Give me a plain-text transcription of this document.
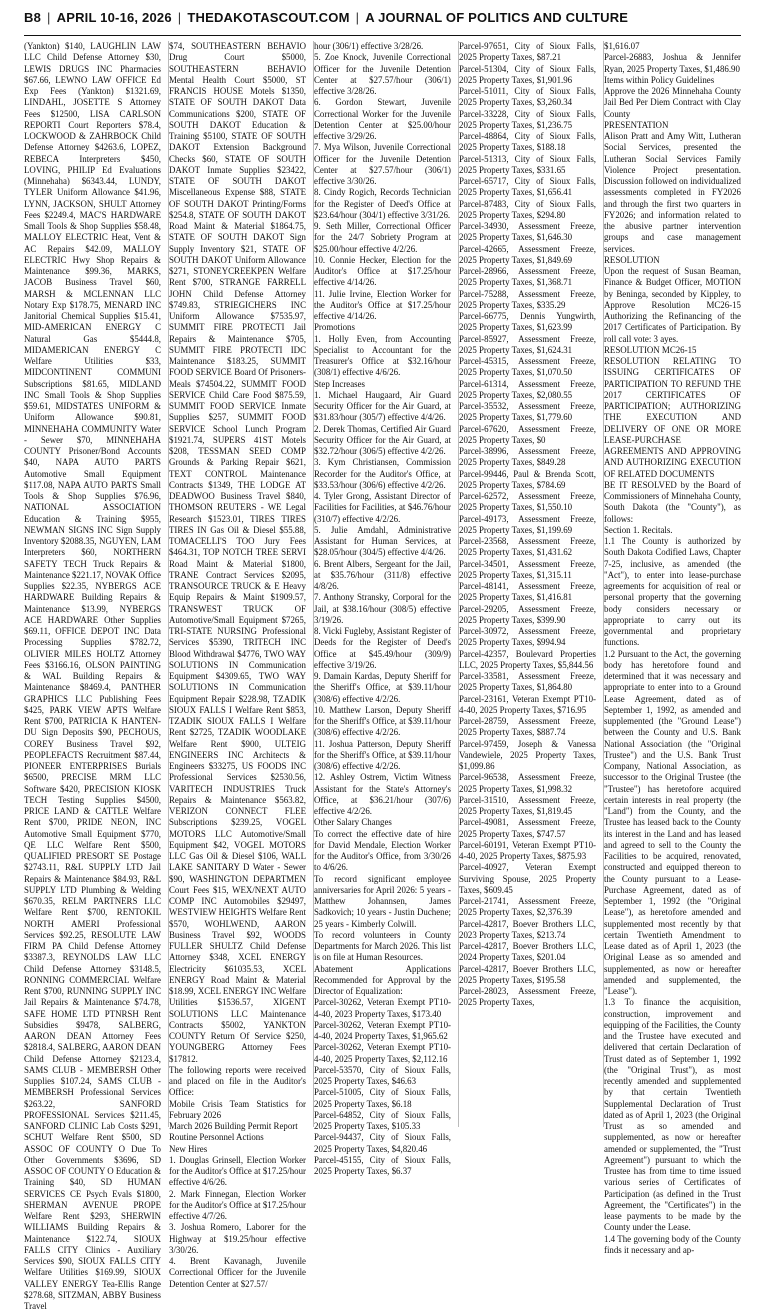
B8 | APRIL 10-16, 2026 | THEDAKOTASCOUT.COM | A JOURNAL OF POLITICS AND CULTURE

(Yankton) $140, LAUGHLIN LAW LLC Child Defense Attorney $30, LEWIS DRUGS INC Pharmacies $67.66, LEWNO LAW OFFICE Ed Exp Fees (Yankton) $1321.69, LINDAHL, JOSETTE S Attorney Fees $12500, LISA CARLSON REPORTI Court Reporters $78.4, LOCKWOOD & ZAHRBOCK Child Defense Attorney $4263.6, LOPEZ, REBECA Interpreters $450, LOVING, PHILIP Ed Evaluations (Minnehaha) $6343.44, LUNDY, TYLER Uniform Allowance $41.96, LYNN, JACKSON, SHULT Attorney Fees $2249.4, MAC'S HARDWARE Small Tools & Shop Supplies $58.48, MALLOY ELECTRIC Heat, Vent & AC Repairs $42.09, MALLOY ELECTRIC Hwy Shop Repairs & Maintenance $99.36, MARKS, JACOB Business Travel $60, MARSH & MCLENNAN LLC Notary Exp $178.75, MENARD INC Janitorial Chemical Supplies $15.41, MID-AMERICAN ENERGY C Natural Gas $5444.8, MIDAMERICAN ENERGY C Welfare Utilities $33, MIDCONTINENT COMMUNI Subscriptions $81.65, MIDLAND INC Small Tools & Shop Supplies $59.61, MIDSTATES UNIFORM & Uniform Allowance $90.81, MINNEHAHA COMMUNITY Water - Sewer $70, MINNEHAHA COUNTY Prisoner/Bond Accounts $40, NAPA AUTO PARTS Automotive Small Equipment $117.08, NAPA AUTO PARTS Small Tools & Shop Supplies $76.96, NATIONAL ASSOCIATION Education & Training $955, NEWMAN SIGNS INC Sign Supply Inventory $2088.35, NGUYEN, LAM Interpreters $60, NORTHERN SAFETY TECH Truck Repairs & Maintenance $221.17, NOVAK Office Supplies $22.35, NYBERGS ACE HARDWARE Building Repairs & Maintenance $13.99, NYBERGS ACE HARDWARE Other Supplies $69.11, OFFICE DEPOT INC Data Processing Supplies $782.72, OLIVIER MILES HOLTZ Attorney Fees $3166.16, OLSON PAINTING & WAL Building Repairs & Maintenance $8469.4, PANTHER GRAPHICS LLC Publishing Fees $425, PARK VIEW APTS Welfare Rent $700, PATRICIA K HANTEN-DU Sign Deposits $90, PECHOUS, COREY Business Travel $92, PEOPLEFACTS Recruitment $87.44, PIONEER ENTERPRISES Burials $6500, PRECISE MRM LLC Software $420, PRECISION KIOSK TECH Testing Supplies $4500, PRICE LAND & CATTLE Welfare Rent $700, PRIDE NEON, INC Automotive Small Equipment $770, QE LLC Welfare Rent $500, QUALIFIED PRESORT SE Postage $2743.11, R&L SUPPLY LTD Jail Repairs & Maintenance $84.93, R&L SUPPLY LTD Plumbing & Welding $670.35, RELM PARTNERS LLC Welfare Rent $700, RENTOKIL NORTH AMERI Professional Services $92.25, RESOLUTE LAW FIRM PA Child Defense Attorney $3387.3, REYNOLDS LAW LLC Child Defense Attorney $3148.5, RONNING COMMERCIAL Welfare Rent $700, RUNNING SUPPLY INC Jail Repairs & Maintenance $74.78, SAFE HOME LTD PTNRSH Rent Subsidies $9478, SALBERG, AARON DEAN Attorney Fees $2818.4, SALBERG, AARON DEAN Child Defense Attorney $2123.4, SAMS CLUB - MEMBERSH Other Supplies $107.24, SAMS CLUB - MEMBERSH Professional Services $263.22, SANFORD PROFESSIONAL Services $211.45, SANFORD CLINIC Lab Costs $291, SCHUT Welfare Rent $500, SD ASSOC OF COUNTY O Due To Other Governments $3696, SD ASSOC OF COUNTY O Education & Training $40, SD HUMAN SERVICES CE Psych Evals $1800, SHERMAN AVENUE PROPE Welfare Rent $293, SHERWIN WILLIAMS Building Repairs & Maintenance $122.74, SIOUX FALLS CITY Clinics - Auxiliary Services $90, SIOUX FALLS CITY Welfare Utilities $169.99, SIOUX VALLEY ENERGY Tea-Ellis Range $278.68, SITZMAN, ABBY Business Travel

$74, SOUTHEASTERN BEHAVIO Drug Court $5000, SOUTHEASTERN BEHAVIO Mental Health Court $5000, ST FRANCIS HOUSE Motels $1350, STATE OF SOUTH DAKOT Data Communications $200, STATE OF SOUTH DAKOT Education & Training $5100, STATE OF SOUTH DAKOT Extension Background Checks $60, STATE OF SOUTH DAKOT Inmate Supplies $23422, STATE OF SOUTH DAKOT Miscellaneous Expense $88, STATE OF SOUTH DAKOT Printing/Forms $254.8, STATE OF SOUTH DAKOT Road Maint & Material $1864.75, STATE OF SOUTH DAKOT Sign Supply Inventory $21, STATE OF SOUTH DAKOT Uniform Allowance $271, STONEYCREEKPEN Welfare Rent $700, STRANGE FARRELL JOHN Child Defense Attorney $749.83, STRIEGICHERS INC Uniform Allowance $7535.97, SUMMIT FIRE PROTECTI Jail Repairs & Maintenance $705, SUMMIT FIRE PROTECTI IDC Maintenance $183.25, SUMMIT FOOD SERVICE Board Of Prisoners-Meals $74504.22, SUMMIT FOOD SERVICE Child Care Food $875.59, SUMMIT FOOD SERVICE Inmate Supplies $257, SUMMIT FOOD SERVICE School Lunch Program $1921.74, SUPERS 41ST Motels $208, TESSMAN SEED COMP Grounds & Parking Repair $621, TEXT CONTROL Maintenance Contracts $1349, THE LODGE AT DEADWOO Business Travel $840, THOMSON REUTERS - WE Legal Research $1523.01, TIRES TIRES TIRES IN Gas Oil & Diesel $55.88, TOMACELLI'S TOO Jury Fees $464.31, TOP NOTCH TREE SERVI Road Maint & Material $1800, TRANE Contract Services $2095, TRANSOURCE TRUCK & E Heavy Equip Repairs & Maint $1909.57, TRANSWEST TRUCK OF Automotive/Small Equipment $7265, TRI-STATE NURSING Professional Services $5390, TRITECH INC Blood Withdrawal $4776, TWO WAY SOLUTIONS IN Communication Equipment $4309.65, TWO WAY SOLUTIONS IN Communication Equipment Repair $228.98, TZADIK SIOUX FALLS I Welfare Rent $853, TZADIK SIOUX FALLS I Welfare Rent $2725, TZADIK WOODLAKE Welfare Rent $900, ULTEIG ENGINEERS INC Architects & Engineers $33275, US FOODS INC Professional Services $2530.56, VARITECH INDUSTRIES Truck Repairs & Maintenance $563.82, VERIZON CONNECT FLEE Subscriptions $239.25, VOGEL MOTORS LLC Automotive/Small Equipment $42, VOGEL MOTORS LLC Gas Oil & Diesel $106, WALL LAKE SANITARY D Water - Sewer $90, WASHINGTON DEPARTMEN Court Fees $15, WEX/NEXT AUTO COMP INC Automobiles $29497, WESTVIEW HEIGHTS Welfare Rent $570, WOHLWEND, AARON Business Travel $92, WOODS FULLER SHULTZ Child Defense Attorney $348, XCEL ENERGY Electricity $61035.53, XCEL ENERGY Road Maint & Material $18.99, XCEL ENERGY INC Welfare Utilities $1536.57, XIGENT SOLUTIONS LLC Maintenance Contracts $5002, YANKTON COUNTY Return Of Service $250, YOUNGBERG Attorney Fees $17812.

The following reports were received and placed on file in the Auditor's Office:

Mobile Crisis Team Statistics for February 2026

March 2026 Building Permit Report

Routine Personnel Actions

New Hires

1. Douglas Grinsell, Election Worker for the Auditor's Office at $17.25/hour effective 4/6/26.

2. Mark Finnegan, Election Worker for the Auditor's Office at $17.25/hour effective 4/7/26.

3. Joshua Romero, Laborer for the Highway at $19.25/hour effective 3/30/26.

4. Brent Kavanagh, Juvenile Correctional Officer for the Juvenile Detention Center at $27.57/

hour (306/1) effective 3/28/26.

5. Zoe Knock, Juvenile Correctional Officer for the Juvenile Detention Center at $27.57/hour (306/1) effective 3/28/26.

6. Gordon Stewart, Juvenile Correctional Worker for the Juvenile Detention Center at $25.00/hour effective 3/29/26.

7. Mya Wilson, Juvenile Correctional Officer for the Juvenile Detention Center at $27.57/hour (306/1) effective 3/30/26.

8. Cindy Rogich, Records Technician for the Register of Deed's Office at $23.64/hour (304/1) effective 3/31/26.

9. Seth Miller, Correctional Officer for the 24/7 Sobriety Program at $25.00/hour effective 4/2/26.

10. Connie Hecker, Election for the Auditor's Office at $17.25/hour effective 4/14/26.

11. Julie Irvine, Election Worker for the Auditor's Office at $17.25/hour effective 4/14/26.

Promotions

1. Holly Even, from Accounting Specialist to Accountant for the Treasurer's Office at $32.16/hour (308/1) effective 4/6/26.

Step Increases

1. Michael Haugaard, Air Guard Security Officer for the Air Guard, at $31.83/hour (305/7) effective 4/4/26.

2. Derek Thomas, Certified Air Guard Security Officer for the Air Guard, at $32.72/hour (306/5) effective 4/2/26.

3. Kym Christiansen, Commission Recorder for the Auditor's Office, at $33.53/hour (306/6) effective 4/2/26.

4. Tyler Grong, Assistant Director of Facilities for Facilities, at $46.76/hour (310/7) effective 4/2/26.

5. Julie Amdahl, Administrative Assistant for Human Services, at $28.05/hour (304/5) effective 4/4/26.

6. Brent Albers, Sergeant for the Jail, at $35.76/hour (311/8) effective 4/8/26.

7. Anthony Stransky, Corporal for the Jail, at $38.16/hour (308/5) effective 3/19/26.

8. Vicki Fugleby, Assistant Register of Deeds for the Register of Deed's Office at $45.49/hour (309/9) effective 3/19/26.

9. Damain Kardas, Deputy Sheriff for the Sheriff's Office, at $39.11/hour (308/6) effective 4/2/26.

10. Matthew Larson, Deputy Sheriff for the Sheriff's Office, at $39.11/hour (308/6) effective 4/2/26.

11. Joshua Patterson, Deputy Sheriff for the Sheriff's Office, at $39.11/hour (308/6) effective 4/2/26.

12. Ashley Ostrem, Victim Witness Assistant for the State's Attorney's Office, at $36.21/hour (307/6) effective 4/2/26.

Other Salary Changes

To correct the effective date of hire for David Mendale, Election Worker for the Auditor's Office, from 3/30/26 to 4/6/26.

To record significant employee anniversaries for April 2026: 5 years - Matthew Johannsen, James Sadkovich; 10 years - Justin Duchene; 25 years - Kimberly Colwill.

To record volunteers in County Departments for March 2026. This list is on file at Human Resources.

Abatement Applications Recommended for Approval by the Director of Equalization:

Parcel-30262, Veteran Exempt PT10-4-40, 2023 Property Taxes, $173.40

Parcel-30262, Veteran Exempt PT10-4-40, 2024 Property Taxes, $1,965.62

Parcel-30262, Veteran Exempt PT10-4-40, 2025 Property Taxes, $2,112.16

Parcel-53570, City of Sioux Falls, 2025 Property Taxes, $46.63

Parcel-51005, City of Sioux Falls, 2025 Property Taxes, $6.18

Parcel-64852, City of Sioux Falls, 2025 Property Taxes, $105.33

Parcel-94437, City of Sioux Falls, 2025 Property Taxes, $4,820.46

Parcel-45155, City of Sioux Falls, 2025 Property Taxes, $6.37

Parcel-97651, City of Sioux Falls, 2025 Property Taxes, $87.21

Parcel-51304, City of Sioux Falls, 2025 Property Taxes, $1,901.96

Parcel-51011, City of Sioux Falls, 2025 Property Taxes, $3,260.34

Parcel-33228, City of Sioux Falls, 2025 Property Taxes, $1,236.75

Parcel-48864, City of Sioux Falls, 2025 Property Taxes, $188.18

Parcel-51313, City of Sioux Falls, 2025 Property Taxes, $331.65

Parcel-65717, City of Sioux Falls, 2025 Property Taxes, $1,656.41

Parcel-87483, City of Sioux Falls, 2025 Property Taxes, $294.80

Parcel-34930, Assessment Freeze, 2025 Property Taxes, $1,646.30

Parcel-42665, Assessment Freeze, 2025 Property Taxes, $1,849.69

Parcel-28966, Assessment Freeze, 2025 Property Taxes, $1,368.71

Parcel-75288, Assessment Freeze, 2025 Property Taxes, $335.29

Parcel-66775, Dennis Yungwirth, 2025 Property Taxes, $1,623.99

Parcel-85927, Assessment Freeze, 2025 Property Taxes, $1,624.31

Parcel-45315, Assessment Freeze, 2025 Property Taxes, $1,070.50

Parcel-61314, Assessment Freeze, 2025 Property Taxes, $2,080.55

Parcel-35532, Assessment Freeze, 2025 Property Taxes, $1,779.60

Parcel-67620, Assessment Freeze, 2025 Property Taxes, $0

Parcel-38996, Assessment Freeze, 2025 Property Taxes, $849.28

Parcel-99446, Paul & Brenda Scott, 2025 Property Taxes, $784.69

Parcel-62572, Assessment Freeze, 2025 Property Taxes, $1,550.10

Parcel-49173, Assessment Freeze, 2025 Property Taxes, $1,199.69

Parcel-23568, Assessment Freeze, 2025 Property Taxes, $1,431.62

Parcel-34501, Assessment Freeze, 2025 Property Taxes, $1,315.11

Parcel-48141, Assessment Freeze, 2025 Property Taxes, $1,416.81

Parcel-29205, Assessment Freeze, 2025 Property Taxes, $399.90

Parcel-30972, Assessment Freeze, 2025 Property Taxes, $994.94

Parcel-42357, Boulevard Properties LLC, 2025 Property Taxes, $5,844.56

Parcel-33581, Assessment Freeze, 2025 Property Taxes, $1,864.80

Parcel-23161, Veteran Exempt PT10-4-40, 2025 Property Taxes, $716.95

Parcel-28759, Assessment Freeze, 2025 Property Taxes, $887.74

Parcel-97459, Joseph & Vanessa Vandewiele, 2025 Property Taxes, $1,099.86

Parcel-96538, Assessment Freeze, 2025 Property Taxes, $1,998.32

Parcel-31510, Assessment Freeze, 2025 Property Taxes, $1,819.45

Parcel-49081, Assessment Freeze, 2025 Property Taxes, $747.57

Parcel-60191, Veteran Exempt PT10-4-40, 2025 Property Taxes, $875.93

Parcel-40927, Veteran Exempt Surviving Spouse, 2025 Property Taxes, $609.45

Parcel-21741, Assessment Freeze, 2025 Property Taxes, $2,376.39

Parcel-42817, Boever Brothers LLC, 2023 Property Taxes, $213.74

Parcel-42817, Boever Brothers LLC, 2024 Property Taxes, $201.04

Parcel-42817, Boever Brothers LLC, 2025 Property Taxes, $195.58

Parcel-28023, Assessment Freeze, 2025 Property Taxes,

$1,616.07

Parcel-26883, Joshua & Jennifer Ryan, 2025 Property Taxes, $1,486.90

Items within Policy Guidelines

Approve the 2026 Minnehaha County Jail Bed Per Diem Contract with Clay County

PRESENTATION

Alison Pratt and Amy Witt, Lutheran Social Services, presented the Lutheran Social Services Family Violence Project presentation. Discussion followed on individualized assessments completed in FY2026 and through the first two quarters in FY2026; and information related to the abusive partner intervention groups and case management services.

RESOLUTION

Upon the request of Susan Beaman, Finance & Budget Officer, MOTION by Beninga, seconded by Kippley, to Approve Resolution MC26-15 Authorizing the Refinancing of the 2017 Certificates of Participation. By roll call vote: 3 ayes.

RESOLUTION MC26-15

RESOLUTION RELATING TO ISSUING CERTIFICATES OF PARTICIPATION TO REFUND THE 2017 CERTIFICATES OF PARTICIPATION; AUTHORIZING THE EXECUTION AND DELIVERY OF ONE OR MORE LEASE-PURCHASE AGREEMENTS AND APPROVING AND AUTHORIZING EXECUTION OF RELATED DOCUMENTS

BE IT RESOLVED by the Board of Commissioners of Minnehaha County, South Dakota (the "County"), as follows:

Section 1. Recitals.

1.1 The County is authorized by South Dakota Codified Laws, Chapter 7-25, inclusive, as amended (the "Act"), to enter into lease-purchase agreements for acquisition of real or personal property that the governing body considers necessary or appropriate to carry out its governmental and proprietary functions.

1.2 Pursuant to the Act, the governing body has heretofore found and determined that it was necessary and appropriate to enter into to a Ground Lease Agreement, dated as of September 1, 1992, as amended and supplemented (the "Ground Lease") between the County and U.S. Bank National Association (the "Original Trustee") and the U.S. Bank Trust Company, National Association, as successor to the Original Trustee (the "Trustee") has heretofore acquired certain interests in real property (the "Land") from the County, and the Trustee has leased back to the County its interest in the Land and has leased and agreed to sell to the County the Facilities to be acquired, renovated, constructed and equipped thereon to the County pursuant to a Lease-Purchase Agreement, dated as of September 1, 1992 (the "Original Lease"), as heretofore amended and supplemented most recently by that certain Twentieth Amendment to Lease dated as of April 1, 2023 (the Original Lease as so amended and supplemented, as now or hereafter amended and supplemented, the "Lease").

1.3 To finance the acquisition, construction, improvement and equipping of the Facilities, the County and the Trustee have executed and delivered that certain Declaration of Trust dated as of September 1, 1992 (the "Original Trust"), as most recently amended and supplemented by that certain Twentieth Supplemental Declaration of Trust dated as of April 1, 2023 (the Original Trust as so amended and supplemented, as now or hereafter amended or supplemented, the "Trust Agreement") pursuant to which the Trustee has from time to time issued various series of Certificates of Participation (as defined in the Trust Agreement, the "Certificates") in the lease payments to be made by the County under the Lease.

1.4 The governing body of the County finds it necessary and ap-
